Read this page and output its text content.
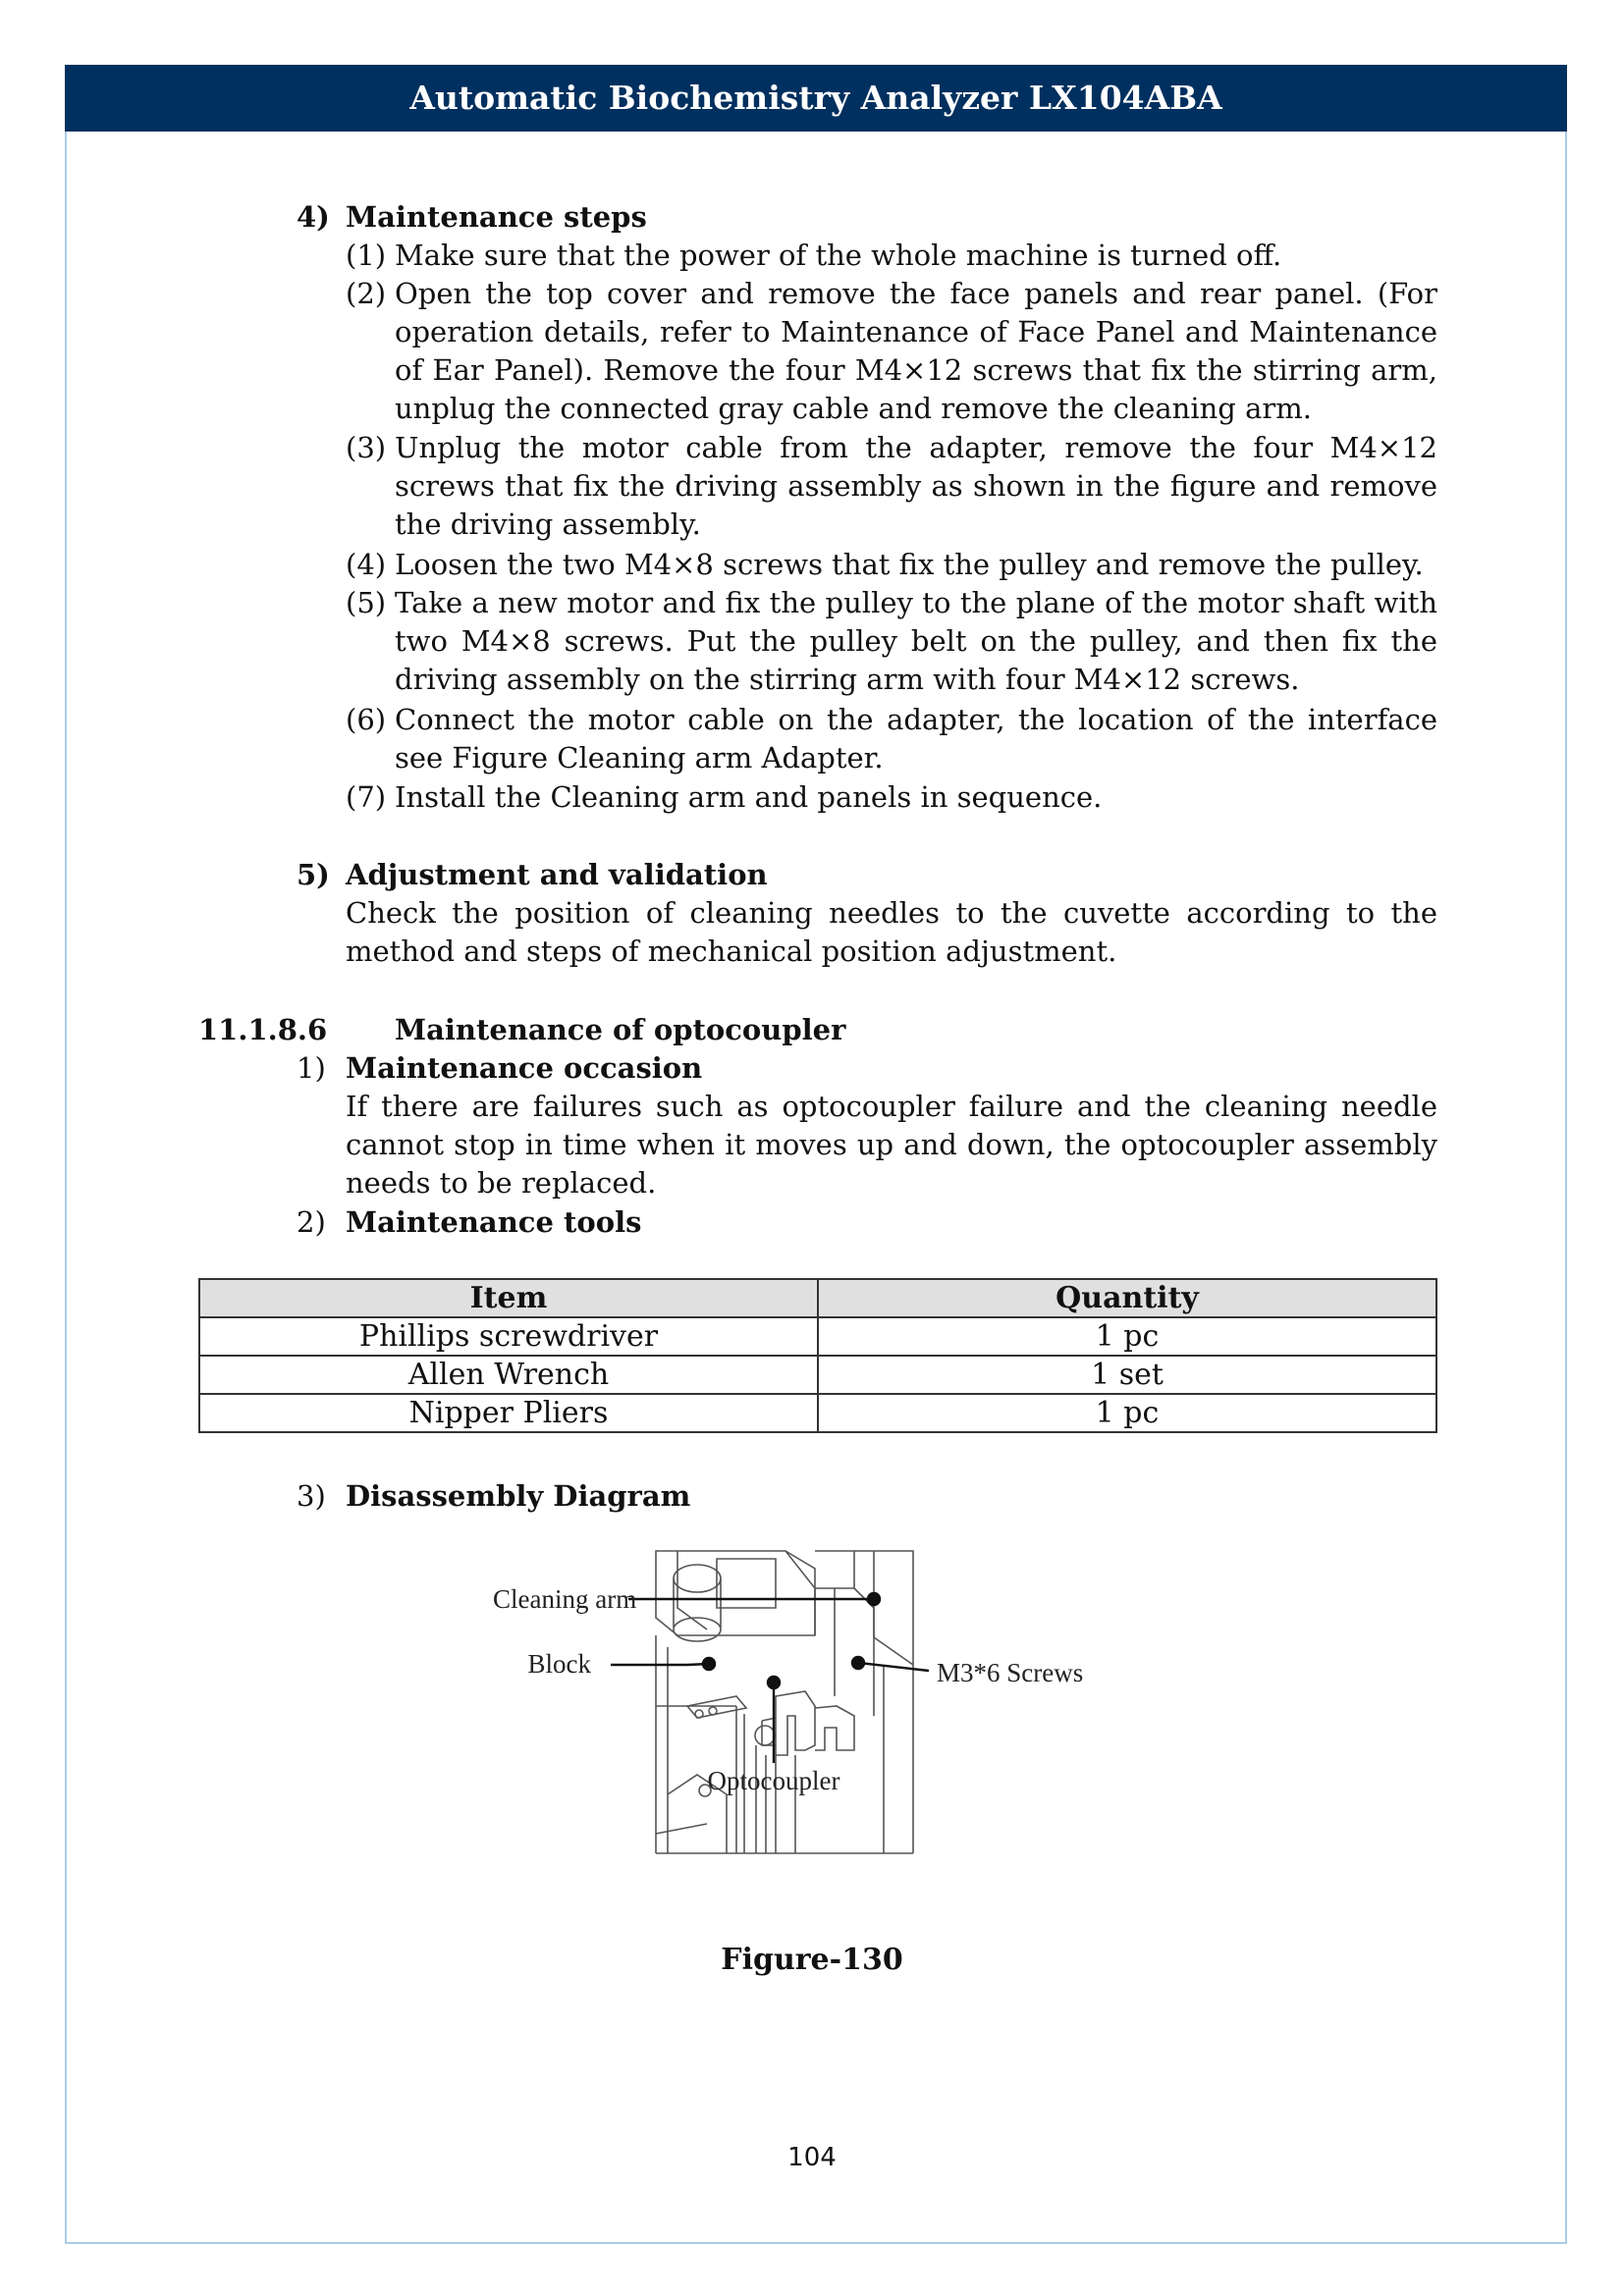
Automatic Biochemistry Analyzer LX104ABA
4) Maintenance steps
(1) Make sure that the power of the whole machine is turned off.
(2) Open the top cover and remove the face panels and rear panel. (For operation details, refer to Maintenance of Face Panel and Maintenance of Ear Panel). Remove the four M4×12 screws that fix the stirring arm, unplug the connected gray cable and remove the cleaning arm.
(3) Unplug the motor cable from the adapter, remove the four M4×12 screws that fix the driving assembly as shown in the figure and remove the driving assembly.
(4) Loosen the two M4×8 screws that fix the pulley and remove the pulley.
(5) Take a new motor and fix the pulley to the plane of the motor shaft with two M4×8 screws. Put the pulley belt on the pulley, and then fix the driving assembly on the stirring arm with four M4×12 screws.
(6) Connect the motor cable on the adapter, the location of the interface see Figure Cleaning arm Adapter.
(7) Install the Cleaning arm and panels in sequence.
5) Adjustment and validation
Check the position of cleaning needles to the cuvette according to the method and steps of mechanical position adjustment.
11.1.8.6 Maintenance of optocoupler
1) Maintenance occasion
If there are failures such as optocoupler failure and the cleaning needle cannot stop in time when it moves up and down, the optocoupler assembly needs to be replaced.
2) Maintenance tools
Item	Quantity
Phillips screwdriver	1 pc
Allen Wrench	1 set
Nipper Pliers	1 pc
3) Disassembly Diagram
Cleaning arm
Block	M3*6 Screws
Optocoupler
Figure-130
104
